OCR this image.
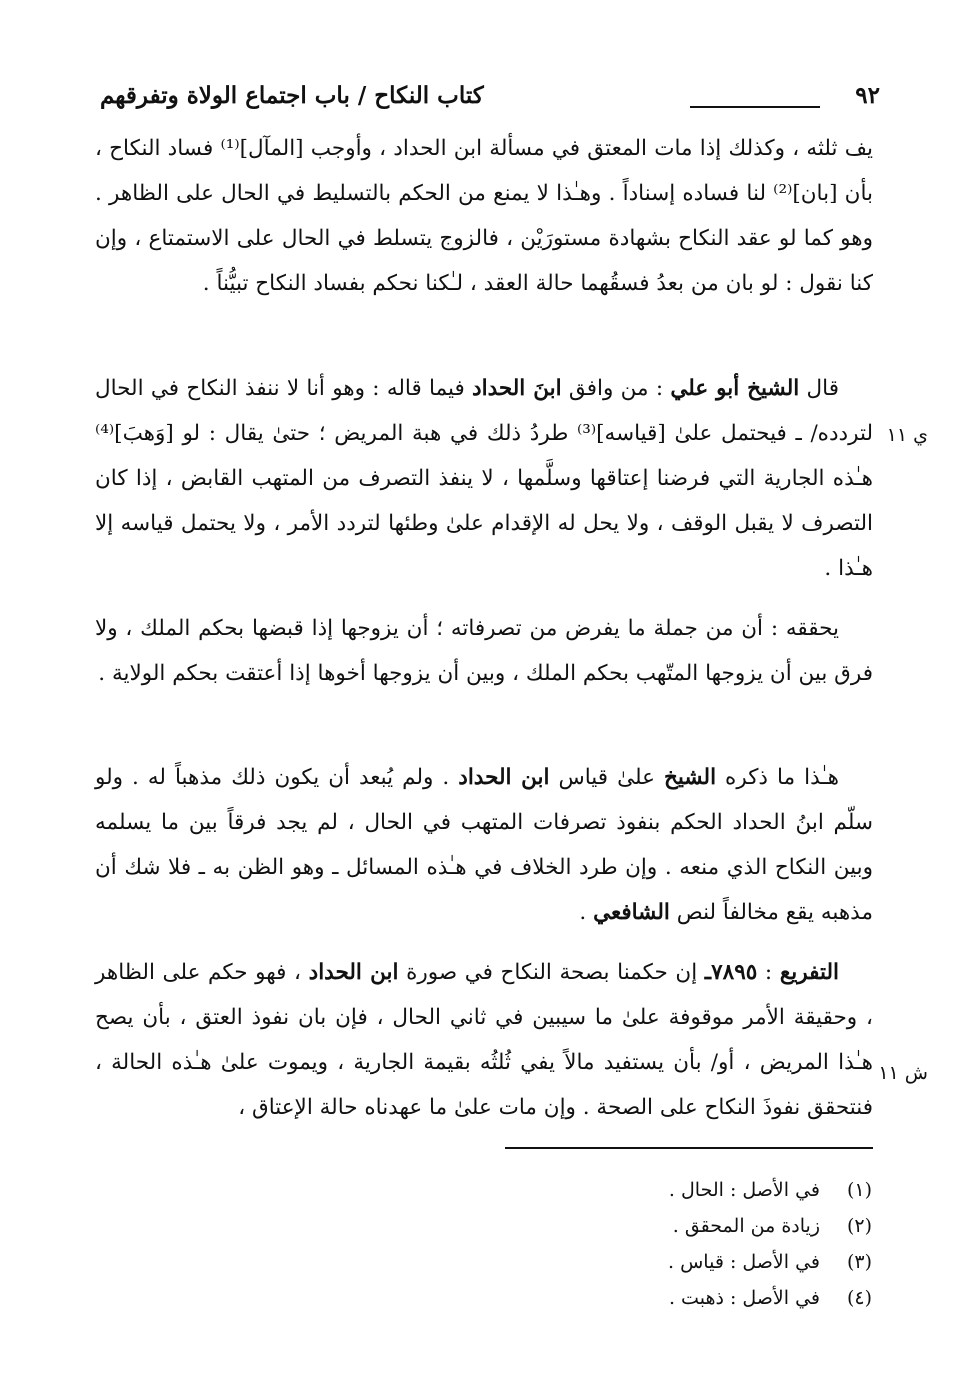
٩٢
كتاب النكاح / باب اجتماع الولاة وتفرقهم

يف ثلثه ، وكذلك إذا مات المعتق في مسألة ابن الحداد ، وأوجب [المآل]⁽¹⁾ فساد النكاح ، بأن [بان]⁽²⁾ لنا فساده إسناداً . وهـٰذا لا يمنع من الحكم بالتسليط في الحال على الظاهر . وهو كما لو عقد النكاح بشهادة مستورَيْن ، فالزوج يتسلط في الحال على الاستمتاع ، وإن كنا نقول : لو بان من بعدُ فسقُهما حالة العقد ، لـٰكنا نحكم بفساد النكاح تبيُّناً .

قال الشيخ أبو علي : من وافق ابنَ الحداد فيما قاله : وهو أنا لا ننفذ النكاح في الحال لتردده/ ـ فيحتمل علىٰ [قياسه]⁽³⁾ طردُ ذلك في هبة المريض ؛ حتىٰ يقال : لو [وَهبَ]⁽⁴⁾ هـٰذه الجارية التي فرضنا إعتاقها وسلَّمها ، لا ينفذ التصرف من المتهب القابض ، إذا كان التصرف لا يقبل الوقف ، ولا يحل له الإقدام علىٰ وطئها لتردد الأمر ، ولا يحتمل قياسه إلا هـٰذا .

ي ١١

يحققه : أن من جملة ما يفرض من تصرفاته ؛ أن يزوجها إذا قبضها بحكم الملك ، ولا فرق بين أن يزوجها المتّهب بحكم الملك ، وبين أن يزوجها أخوها إذا أعتقت بحكم الولاية .

هـٰذا ما ذكره الشيخ علىٰ قياس ابن الحداد . ولم يُبعد أن يكون ذلك مذهباً له . ولو سلّم ابنُ الحداد الحكم بنفوذ تصرفات المتهب في الحال ، لم يجد فرقاً بين ما يسلمه وبين النكاح الذي منعه . وإن طرد الخلاف في هـٰذه المسائل ـ وهو الظن به ـ فلا شك أن مذهبه يقع مخالفاً لنص الشافعي .

التفريع : ٧٨٩٥ـ إن حكمنا بصحة النكاح في صورة ابن الحداد ، فهو حكم على الظاهر ، وحقيقة الأمر موقوفة علىٰ ما سيبين في ثاني الحال ، فإن بان نفوذ العتق ، بأن يصح هـٰذا المريض ، أو/ بأن يستفيد مالاً يفي ثُلثُه بقيمة الجارية ، ويموت علىٰ هـٰذه الحالة ، فنتحقق نفوذَ النكاح على الصحة . وإن مات علىٰ ما عهدناه حالة الإعتاق ،

ش ١١
(١)
في الأصل : الحال .
(٢)
زيادة من المحقق .
(٣)
في الأصل : قياس .
(٤)
في الأصل : ذهبت .
